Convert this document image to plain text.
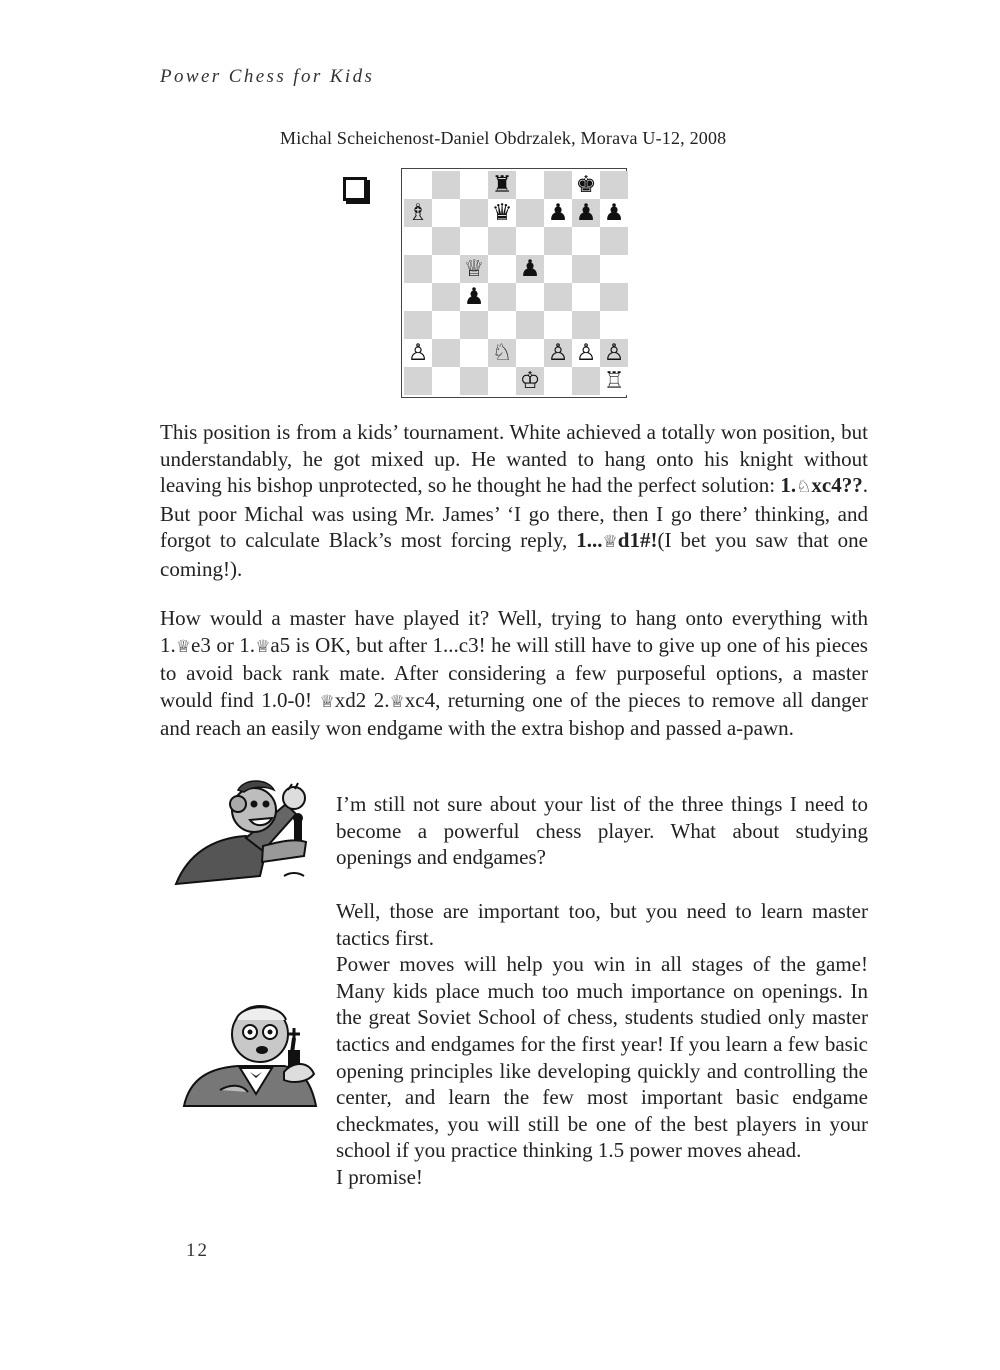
Power Chess for Kids
Michal Scheichenost-Daniel Obdrzalek, Morava U-12, 2008
♜	♚
♗	♛ ♟ ♟ ♟
♕ ♟
♟
♙	♘ ♙ ♙ ♙
♔	♖

This position is from a kids’ tournament. White achieved a totally won position, but understandably, he got mixed up. He wanted to hang onto his knight without leaving his bishop unprotected, so he thought he had the perfect solution: 1.♘xc4??. But poor Michal was using Mr. James’ ‘I go there, then I go there’ thinking, and forgot to calculate Black’s most forcing reply, 1...♕d1#!(I bet you saw that one coming!).

How would a master have played it? Well, trying to hang onto everything with 1.♕e3 or 1.♕a5 is OK, but after 1...c3! he will still have to give up one of his pieces to avoid back rank mate. After considering a few purposeful options, a master would find 1.0-0! ♕xd2 2.♕xc4, returning one of the pieces to remove all danger and reach an easily won endgame with the extra bishop and passed a-pawn.

I’m still not sure about your list of the three things I need to become a powerful chess player. What about studying openings and endgames?

Well, those are important too, but you need to learn master tactics first.

Power moves will help you win in all stages of the game! Many kids place much too much importance on openings. In the great Soviet School of chess, students studied only master tactics and endgames for the first year! If you learn a few basic opening principles like developing quickly and controlling the center, and learn the few most important basic endgame checkmates, you will still be one of the best players in your school if you practice thinking 1.5 power moves ahead.

I promise!

12
